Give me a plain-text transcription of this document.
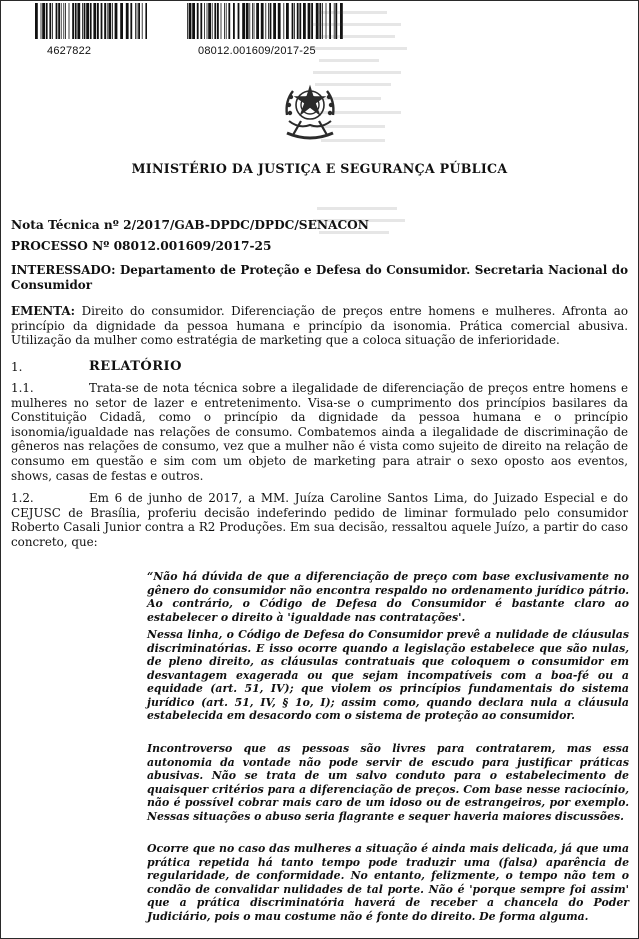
4627822	08012.001609/2017-25
MINISTÉRIO DA JUSTIÇA E SEGURANÇA PÚBLICA
Nota Técnica nº 2/2017/GAB-DPDC/DPDC/SENACON
PROCESSO Nº 08012.001609/2017-25
INTERESSADO: Departamento de Proteção e Defesa do Consumidor. Secretaria Nacional do Consumidor
EMENTA: Direito do consumidor. Diferenciação de preços entre homens e mulheres. Afronta ao princípio da dignidade da pessoa humana e princípio da isonomia. Prática comercial abusiva. Utilização da mulher como estratégia de marketing que a coloca situação de inferioridade.
1.	RELATÓRIO
1.1.	Trata-se de nota técnica sobre a ilegalidade de diferenciação de preços entre homens e mulheres no setor de lazer e entretenimento. Visa-se o cumprimento dos princípios basilares da Constituição Cidadã, como o princípio da dignidade da pessoa humana e o princípio isonomia/igualdade nas relações de consumo. Combatemos ainda a ilegalidade de discriminação de gêneros nas relações de consumo, vez que a mulher não é vista como sujeito de direito na relação de consumo em questão e sim com um objeto de marketing para atrair o sexo oposto aos eventos, shows, casas de festas e outros.
1.2.	Em 6 de junho de 2017, a MM. Juíza Caroline Santos Lima, do Juizado Especial e do CEJUSC de Brasília, proferiu decisão indeferindo pedido de liminar formulado pelo consumidor Roberto Casali Junior contra a R2 Produções. Em sua decisão, ressaltou aquele Juízo, a partir do caso concreto, que:
“Não há dúvida de que a diferenciação de preço com base exclusivamente no gênero do consumidor não encontra respaldo no ordenamento jurídico pátrio. Ao contrário, o Código de Defesa do Consumidor é bastante claro ao estabelecer o direito à 'igualdade nas contratações'.
Nessa linha, o Código de Defesa do Consumidor prevê a nulidade de cláusulas discriminatórias. E isso ocorre quando a legislação estabelece que são nulas, de pleno direito, as cláusulas contratuais que coloquem o consumidor em desvantagem exagerada ou que sejam incompatíveis com a boa-fé ou a equidade (art. 51, IV); que violem os princípios fundamentais do sistema jurídico (art. 51, IV, § 1o, I); assim como, quando declara nula a cláusula estabelecida em desacordo com o sistema de proteção ao consumidor.
Incontroverso que as pessoas são livres para contratarem, mas essa autonomia da vontade não pode servir de escudo para justificar práticas abusivas. Não se trata de um salvo conduto para o estabelecimento de quaisquer critérios para a diferenciação de preços. Com base nesse raciocínio, não é possível cobrar mais caro de um idoso ou de estrangeiros, por exemplo. Nessas situações o abuso seria flagrante e sequer haveria maiores discussões.
Ocorre que no caso das mulheres a situação é ainda mais delicada, já que uma prática repetida há tanto tempo pode traduzir uma (falsa) aparência de regularidade, de conformidade. No entanto, felizmente, o tempo não tem o condão de convalidar nulidades de tal porte. Não é 'porque sempre foi assim' que a prática discriminatória haverá de receber a chancela do Poder Judiciário, pois o mau costume não é fonte do direito. De forma alguma.
